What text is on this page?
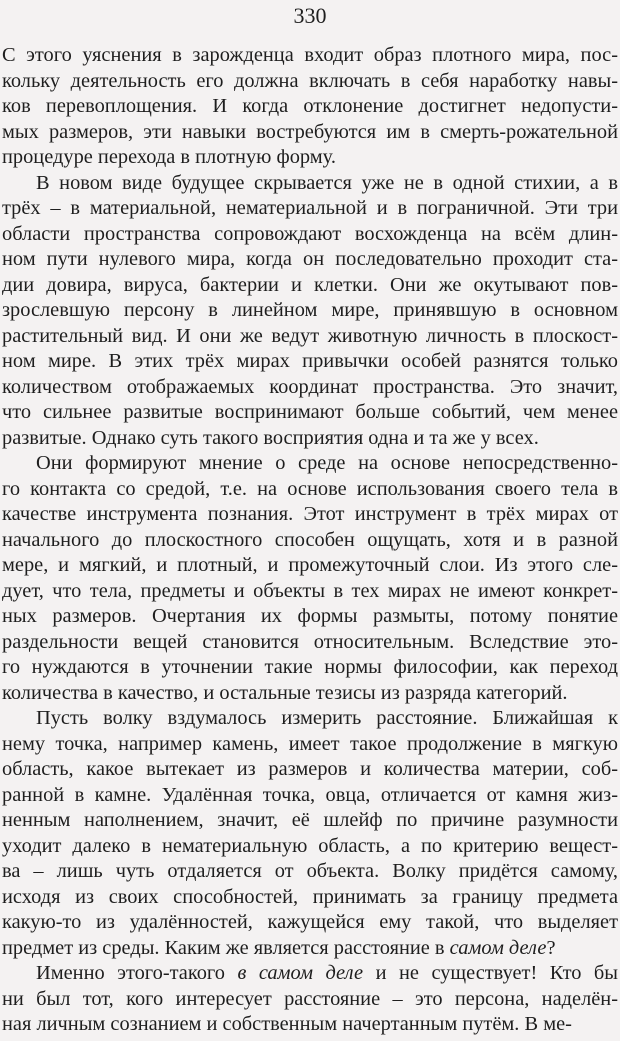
330
С этого уяснения в зарожденца входит образ плотного мира, пос-
кольку деятельность его должна включать в себя наработку навы-
ков перевоплощения. И когда отклонение достигнет недопусти-
мых размеров, эти навыки востребуются им в смерть-рожательной
процедуре перехода в плотную форму.
В новом виде будущее скрывается уже не в одной стихии, а в
трёх – в материальной, нематериальной и в пограничной. Эти три
области пространства сопровождают восхожденца на всём длин-
ном пути нулевого мира, когда он последовательно проходит ста-
дии довира, вируса, бактерии и клетки. Они же окутывают пов-
зрослевшую персону в линейном мире, принявшую в основном
растительный вид. И они же ведут животную личность в плоскост-
ном мире. В этих трёх мирах привычки особей разнятся только
количеством отображаемых координат пространства. Это значит,
что сильнее развитые воспринимают больше событий, чем менее
развитые. Однако суть такого восприятия одна и та же у всех.
Они формируют мнение о среде на основе непосредственно-
го контакта со средой, т.е. на основе использования своего тела в
качестве инструмента познания. Этот инструмент в трёх мирах от
начального до плоскостного способен ощущать, хотя и в разной
мере, и мягкий, и плотный, и промежуточный слои. Из этого сле-
дует, что тела, предметы и объекты в тех мирах не имеют конкрет-
ных размеров. Очертания их формы размыты, потому понятие
раздельности вещей становится относительным. Вследствие это-
го нуждаются в уточнении такие нормы философии, как переход
количества в качество, и остальные тезисы из разряда категорий.
Пусть волку вздумалось измерить расстояние. Ближайшая к
нему точка, например камень, имеет такое продолжение в мягкую
область, какое вытекает из размеров и количества материи, соб-
ранной в камне. Удалённая точка, овца, отличается от камня жиз-
ненным наполнением, значит, её шлейф по причине разумности
уходит далеко в нематериальную область, а по критерию вещест-
ва – лишь чуть отдаляется от объекта. Волку придётся самому,
исходя из своих способностей, принимать за границу предмета
какую-то из удалённостей, кажущейся ему такой, что выделяет
предмет из среды. Каким же является расстояние в самом деле?
Именно этого-такого в самом деле и не существует! Кто бы
ни был тот, кого интересует расстояние – это персона, наделён-
ная личным сознанием и собственным начертанным путём. В ме-
